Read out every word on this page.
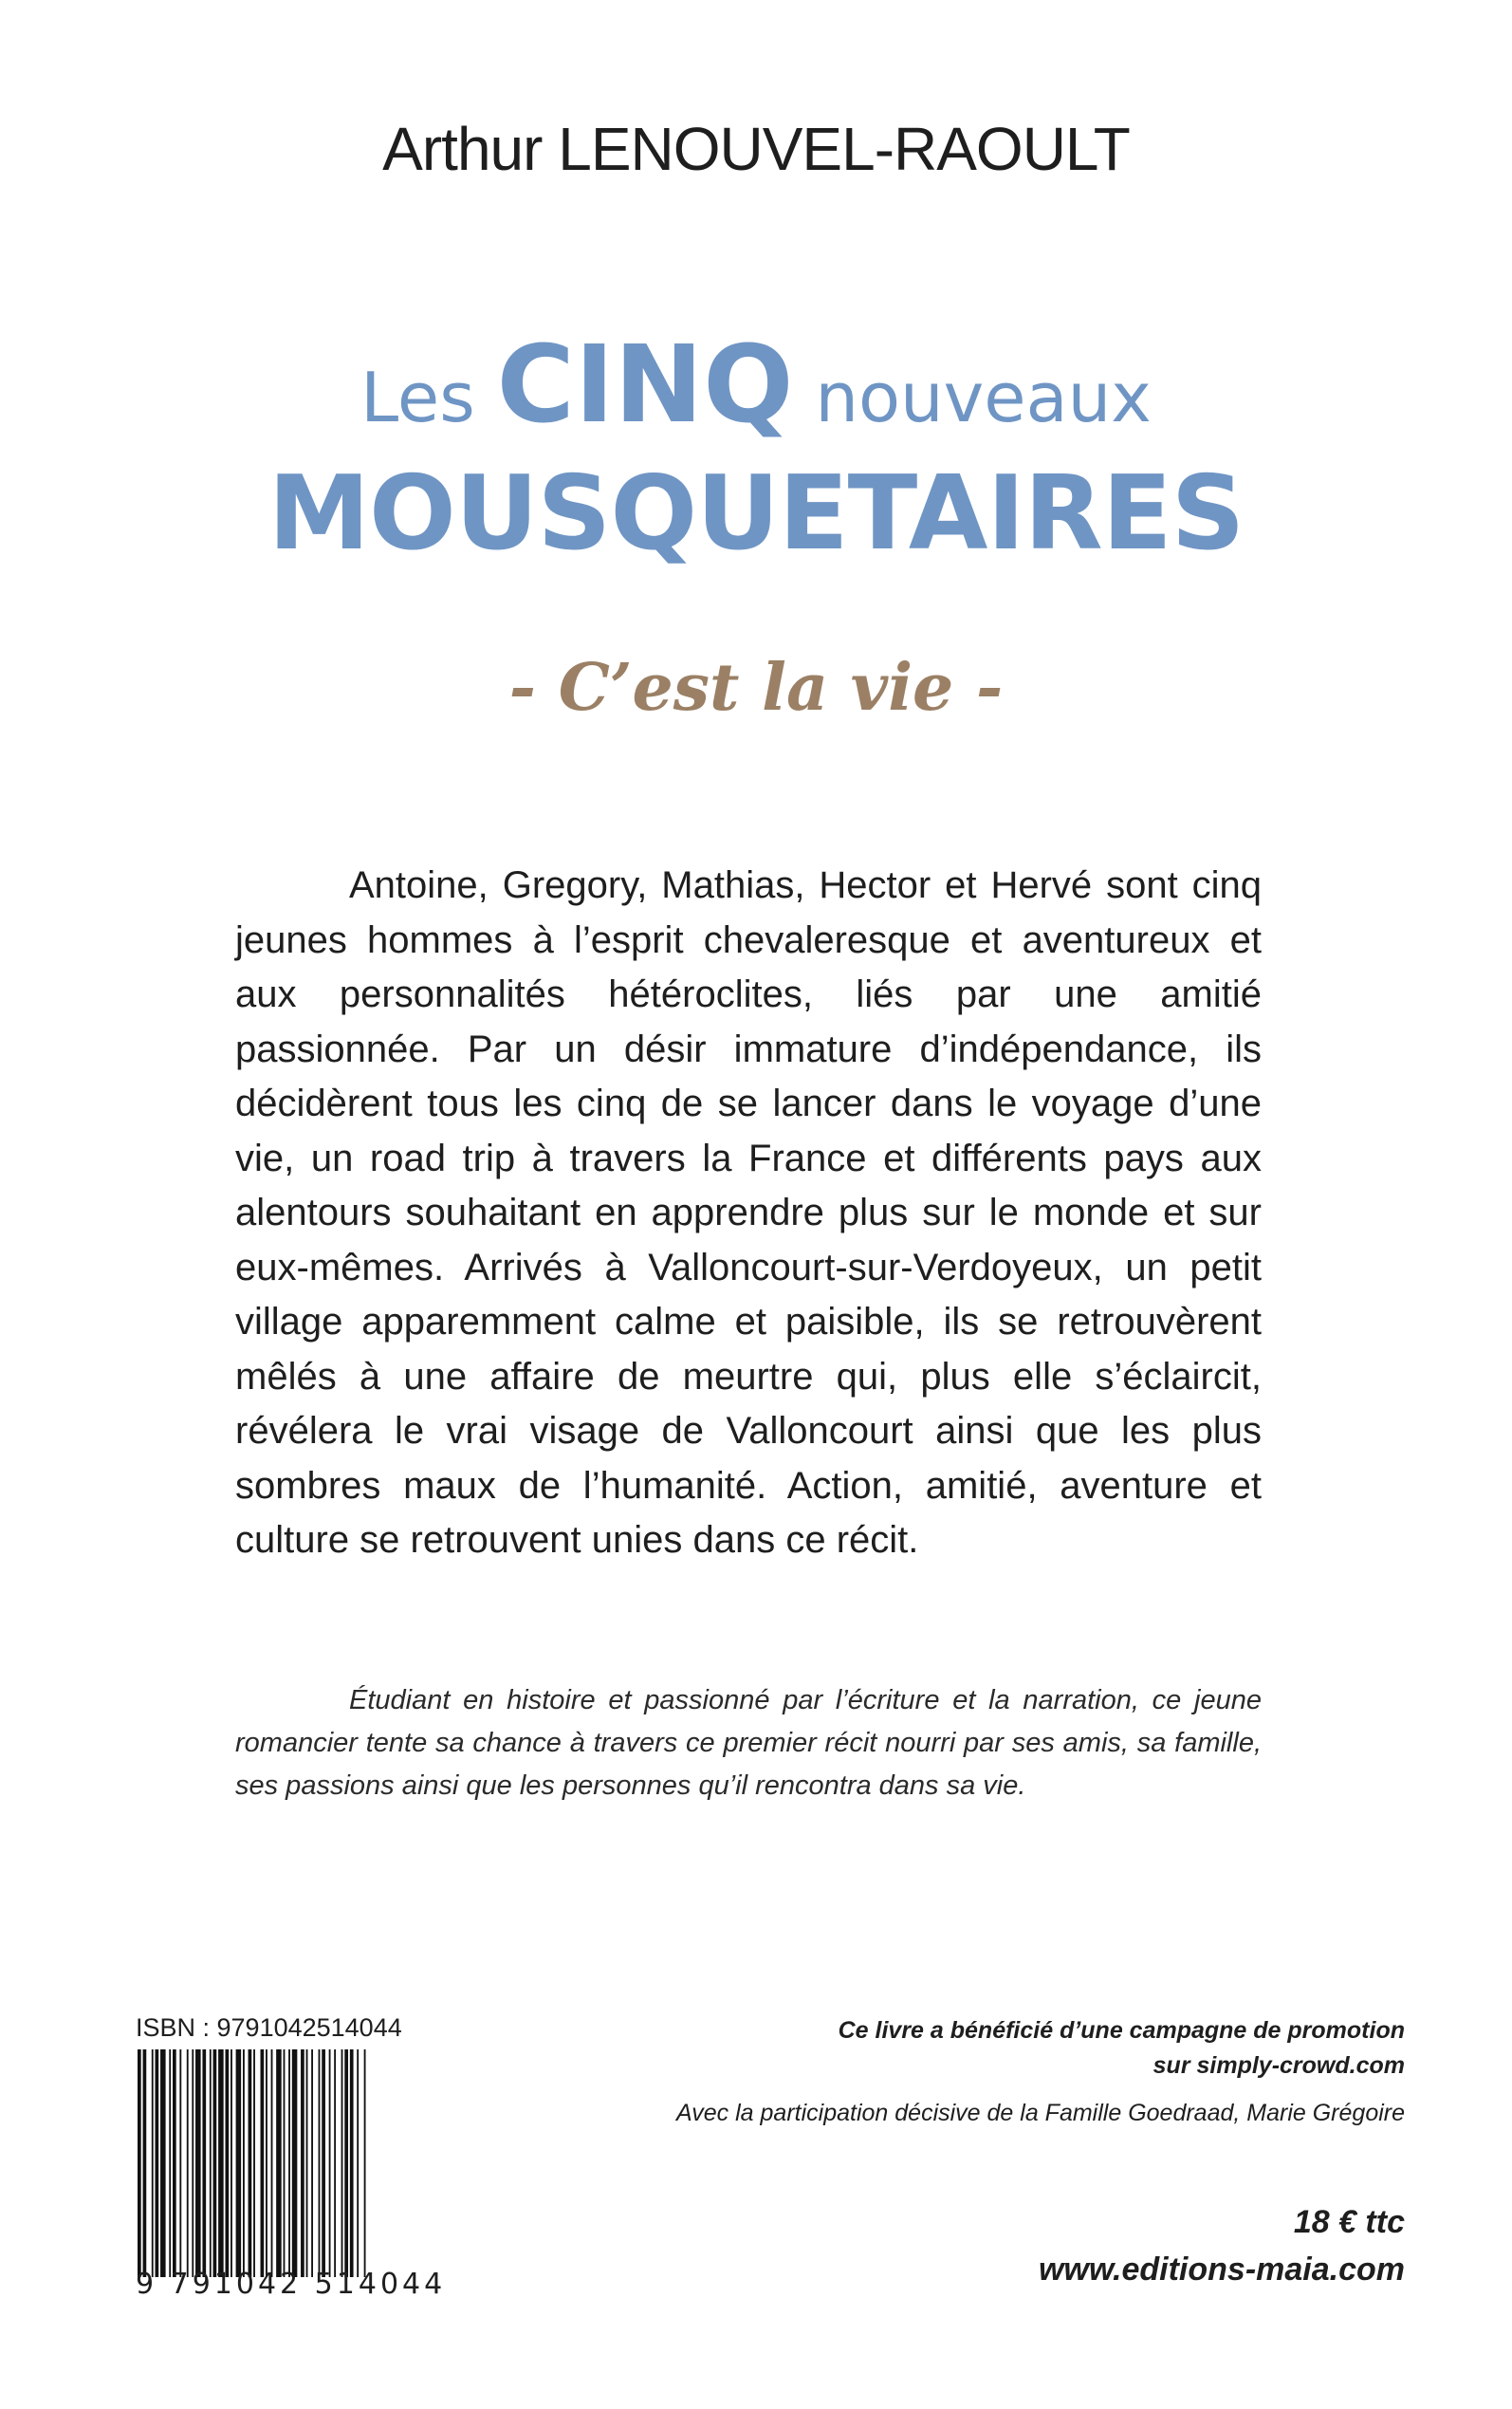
Arthur LENOUVEL-RAOULT
Les CINQ nouveaux
MOUSQUETAIRES
- C’est la vie -

Antoine, Gregory, Mathias, Hector et Hervé sont cinq jeunes hommes à l’esprit chevaleresque et aventureux et aux personnalités hétéroclites, liés par une amitié passionnée. Par un désir immature d’indépendance, ils décidèrent tous les cinq de se lancer dans le voyage d’une vie, un road trip à travers la France et différents pays aux alentours souhaitant en apprendre plus sur le monde et sur eux-mêmes. Arrivés à Valloncourt-sur-Verdoyeux, un petit village apparemment calme et paisible, ils se retrouvèrent mêlés à une affaire de meurtre qui, plus elle s’éclaircit, révélera le vrai visage de Valloncourt ainsi que les plus sombres maux de l’humanité. Action, amitié, aventure et culture se retrouvent unies dans ce récit.

Étudiant en histoire et passionné par l’écriture et la narration, ce jeune romancier tente sa chance à travers ce premier récit nourri par ses amis, sa famille, ses passions ainsi que les personnes qu’il rencontra dans sa vie.

ISBN : 9791042514044
9 791042 514044
Ce livre a bénéficié d’une campagne de promotion
sur simply-crowd.com
Avec la participation décisive de la Famille Goedraad, Marie Grégoire
18 € ttc
www.editions-maia.com
